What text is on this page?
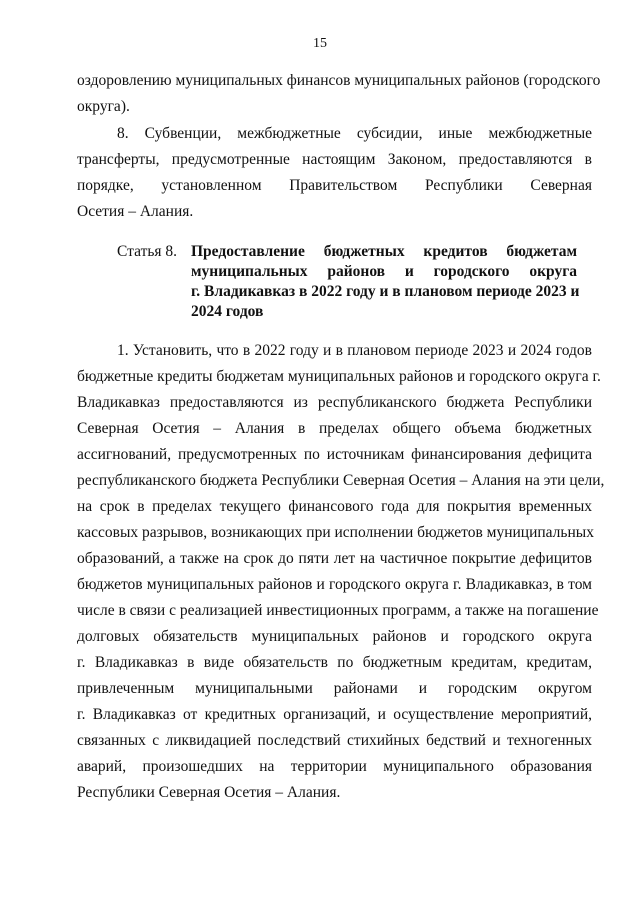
15
оздоровлению муниципальных финансов муниципальных районов (городского
округа).
8. Субвенции, межбюджетные субсидии, иные межбюджетные
трансферты, предусмотренные настоящим Законом, предоставляются в
порядке, установленном Правительством Республики Северная
Осетия – Алания.
Статья 8. Предоставление бюджетных кредитов бюджетам
муниципальных районов и городского округа
г. Владикавказ в 2022 году и в плановом периоде 2023 и
2024 годов
1. Установить, что в 2022 году и в плановом периоде 2023 и 2024 годов
бюджетные кредиты бюджетам муниципальных районов и городского округа г.
Владикавказ предоставляются из республиканского бюджета Республики
Северная Осетия – Алания в пределах общего объема бюджетных
ассигнований, предусмотренных по источникам финансирования дефицита
республиканского бюджета Республики Северная Осетия – Алания на эти цели,
на срок в пределах текущего финансового года для покрытия временных
кассовых разрывов, возникающих при исполнении бюджетов муниципальных
образований, а также на срок до пяти лет на частичное покрытие дефицитов
бюджетов муниципальных районов и городского округа г. Владикавказ, в том
числе в связи с реализацией инвестиционных программ, а также на погашение
долговых обязательств муниципальных районов и городского округа
г. Владикавказ в виде обязательств по бюджетным кредитам, кредитам,
привлеченным муниципальными районами и городским округом
г. Владикавказ от кредитных организаций, и осуществление мероприятий,
связанных с ликвидацией последствий стихийных бедствий и техногенных
аварий, произошедших на территории муниципального образования
Республики Северная Осетия – Алания.
